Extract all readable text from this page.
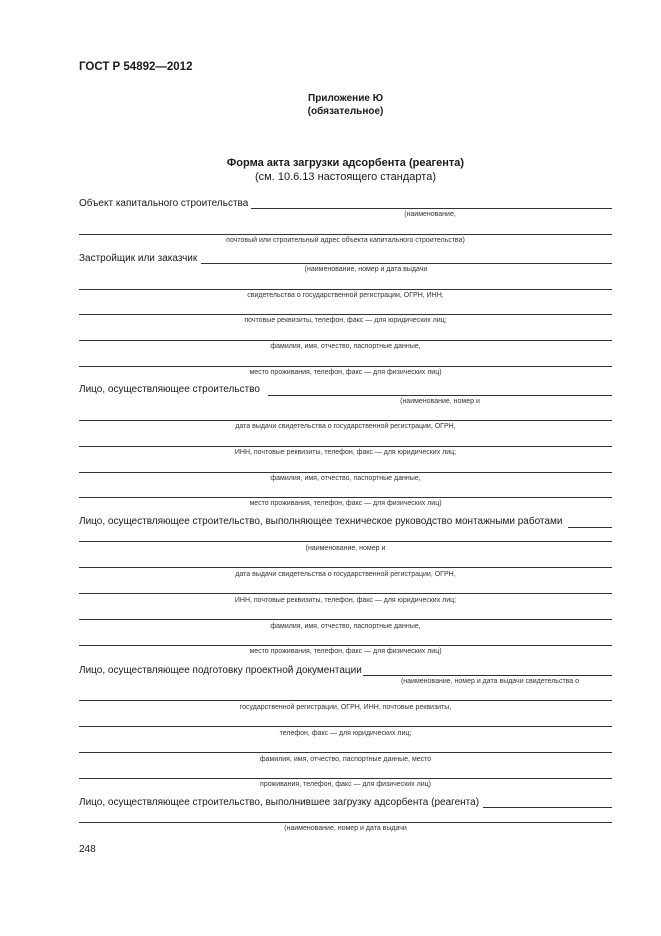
ГОСТ Р 54892—2012
Приложение Ю
(обязательное)
Форма акта загрузки адсорбента (реагента)
(см. 10.6.13 настоящего стандарта)
Объект капитального строительства
(наименование,
почтовый или строительный адрес объекта капитального строительства)
Застройщик или заказчик
(наименование, номер и дата выдачи
свидетельства о государственной регистрации, ОГРН, ИНН,
почтовые реквизиты, телефон, факс — для юридических лиц;
фамилия, имя, отчество, паспортные данные,
место проживания, телефон, факс — для физических лиц)
Лицо, осуществляющее строительство
(наименование, номер и
дата выдачи свидетельства о государственной регистрации, ОГРН,
ИНН, почтовые реквизиты, телефон, факс — для юридических лиц;
фамилия, имя, отчество, паспортные данные,
место проживания, телефон, факс — для физических лиц)
Лицо, осуществляющее строительство, выполняющее техническое руководство монтажными работами
(наименование, номер и
дата выдачи свидетельства о государственной регистрации, ОГРН,
ИНН, почтовые реквизиты, телефон, факс — для юридических лиц;
фамилия, имя, отчество, паспортные данные,
место проживания, телефон, факс — для физических лиц)
Лицо, осуществляющее подготовку проектной документации
(наименование, номер и дата выдачи свидетельства о
государственной регистрации, ОГРН, ИНН, почтовые реквизиты,
телефон, факс — для юридических лиц;
фамилия, имя, отчество, паспортные данные, место
проживания, телефон, факс — для физических лиц)
Лицо, осуществляющее строительство, выполнившее загрузку адсорбента (реагента)
(наименование, номер и дата выдачи
248
